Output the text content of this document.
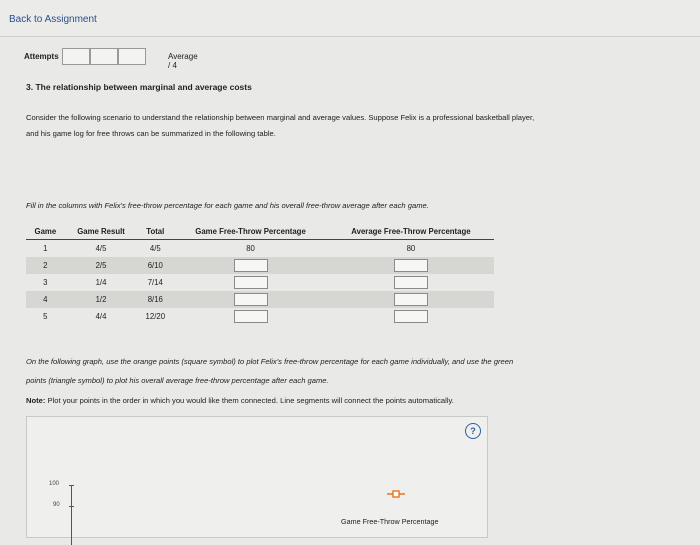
Back to Assignment
Attempts	Average / 4
3. The relationship between marginal and average costs
Consider the following scenario to understand the relationship between marginal and average values. Suppose Felix is a professional basketball player,
and his game log for free throws can be summarized in the following table.
Fill in the columns with Felix's free-throw percentage for each game and his overall free-throw average after each game.
Game	Game Result	Total	Game Free-Throw Percentage	Average Free-Throw Percentage
1	4/5	4/5	80	80
2	2/5	6/10		
3	1/4	7/14		
4	1/2	8/16		
5	4/4	12/20		
On the following graph, use the orange points (square symbol) to plot Felix's free-throw percentage for each game individually, and use the green
points (triangle symbol) to plot his overall average free-throw percentage after each game.
Note: Plot your points in the order in which you would like them connected. Line segments will connect the points automatically.
?
100
90
Game Free-Throw Percentage
